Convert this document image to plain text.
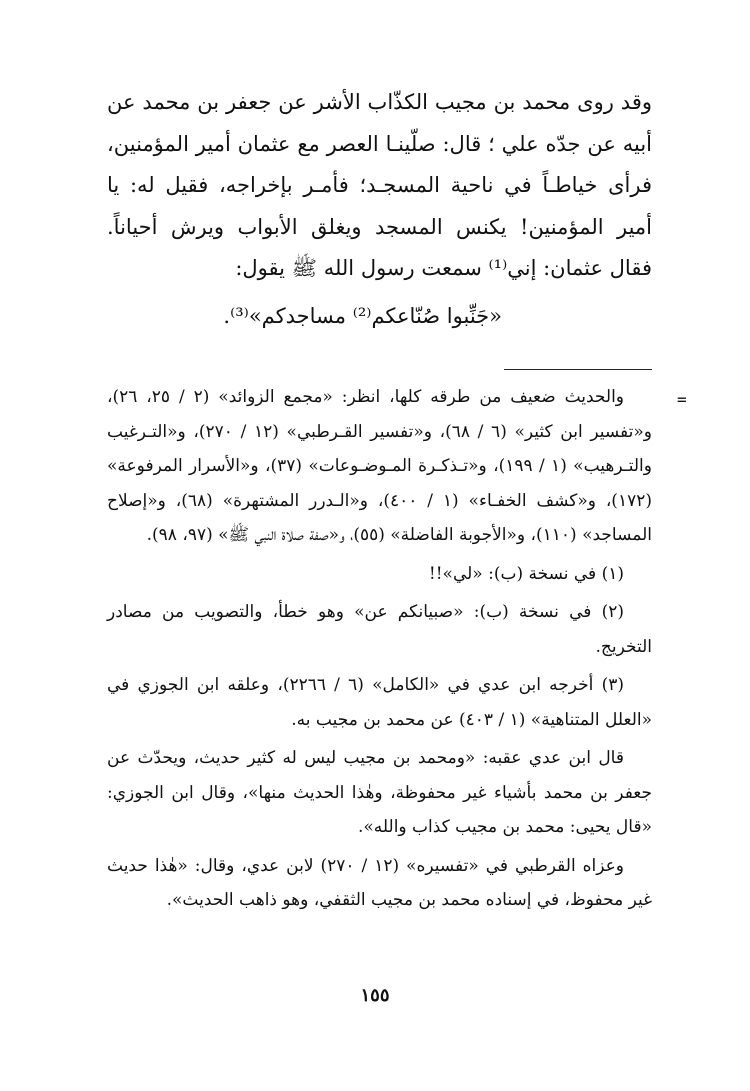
وقد روى محمد بن مجيب الكذّاب الأشر عن جعفر بن محمد عن أبيه عن جدّه علي ؛ قال: صلّينـا العصر مع عثمان أمير المؤمنين، فرأى خياطـاً في ناحية المسجـد؛ فأمـر بإخراجه، فقيل له: يا أمير المؤمنين! يكنس المسجد ويغلق الأبواب ويرش أحياناً. فقال عثمان: إني⁽¹⁾ سمعت رسول الله ﷺ يقول:

«جَنِّبوا صُنّاعكم⁽²⁾ مساجدكم»⁽³⁾.

=

والحديث ضعيف من طرقه كلها، انظر: «مجمع الزوائد» (٢ / ٢٥، ٢٦)، و«تفسير ابن كثير» (٦ / ٦٨)، و«تفسير القـرطبي» (١٢ / ٢٧٠)، و«التـرغيب والتـرهيب» (١ / ١٩٩)، و«تـذكـرة المـوضـوعات» (٣٧)، و«الأسرار المرفوعة» (١٧٢)، و«كشف الخفـاء» (١ / ٤٠٠)، و«الـدرر المشتهرة» (٦٨)، و«إصلاح المساجد» (١١٠)، و«الأجوبة الفاضلة» (٥٥)، و«صفة صلاة النبي ﷺ» (٩٧، ٩٨).

(١) في نسخة (ب): «لي»!!

(٢) في نسخة (ب): «صبيانكم عن» وهو خطأ، والتصويب من مصادر التخريج.

(٣) أخرجه ابن عدي في «الكامل» (٦ / ٢٢٦٦)، وعلقه ابن الجوزي في «العلل المتناهية» (١ / ٤٠٣) عن محمد بن مجيب به.

قال ابن عدي عقبه: «ومحمد بن مجيب ليس له كثير حديث، ويحدّث عن جعفر بن محمد بأشياء غير محفوظة، وهٰذا الحديث منها»، وقال ابن الجوزي: «قال يحيى: محمد بن مجيب كذاب والله».

وعزاه القرطبي في «تفسيره» (١٢ / ٢٧٠) لابن عدي، وقال: «هٰذا حديث غير محفوظ، في إسناده محمد بن مجيب الثقفي، وهو ذاهب الحديث».

١٥٥
